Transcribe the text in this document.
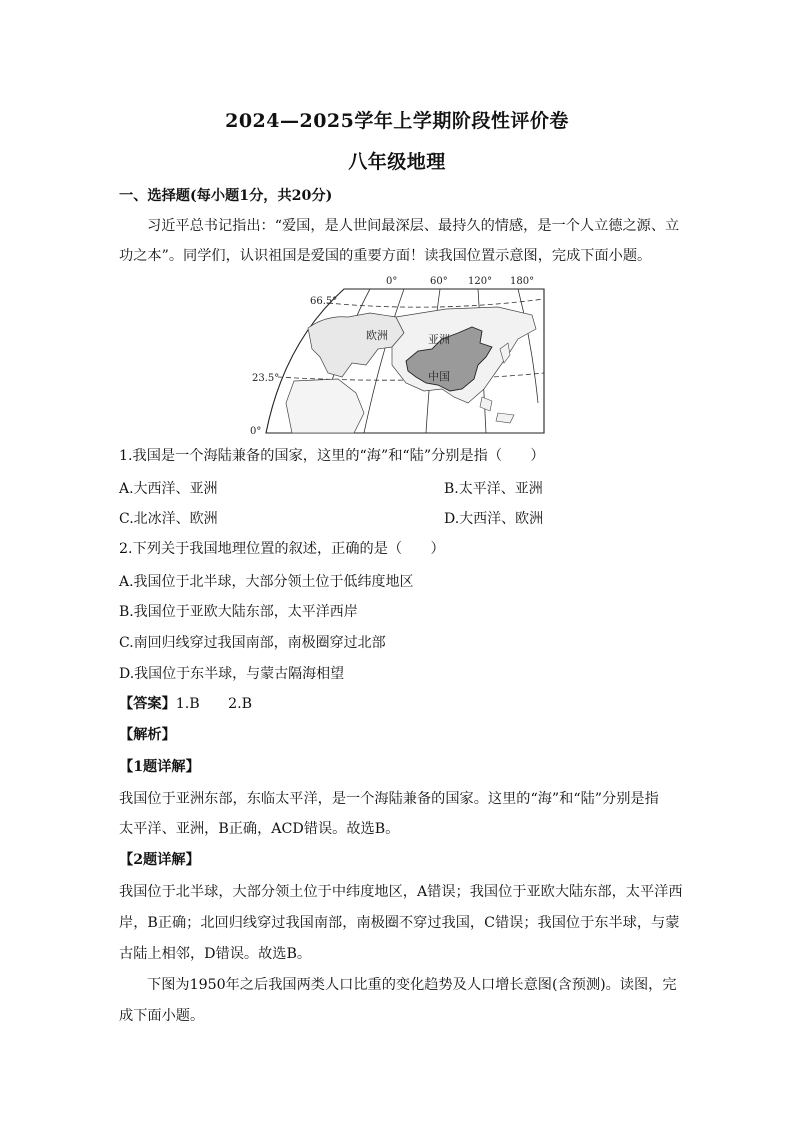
2024—2025学年上学期阶段性评价卷
八年级地理
一、选择题(每小题1分，共20分)
习近平总书记指出：“爱国，是人世间最深层、最持久的情感，是一个人立德之源、立
功之本”。同学们，认识祖国是爱国的重要方面！读我国位置示意图，完成下面小题。
0°	60° 120° 180°
66.5°
23.5°
0°
欧洲	亚洲
中国
1.我国是一个海陆兼备的国家，这里的“海”和“陆”分别是指（　　）
A.大西洋、亚洲	B.太平洋、亚洲
C.北冰洋、欧洲	D.大西洋、欧洲
2.下列关于我国地理位置的叙述，正确的是（　　）
A.我国位于北半球，大部分领土位于低纬度地区
B.我国位于亚欧大陆东部，太平洋西岸
C.南回归线穿过我国南部，南极圈穿过北部
D.我国位于东半球，与蒙古隔海相望
【答案】1.B　　2.B
【解析】
【1题详解】
我国位于亚洲东部，东临太平洋，是一个海陆兼备的国家。这里的“海”和“陆”分别是指
太平洋、亚洲，B正确，ACD错误。故选B。
【2题详解】
我国位于北半球，大部分领土位于中纬度地区，A错误；我国位于亚欧大陆东部，太平洋西
岸，B正确；北回归线穿过我国南部，南极圈不穿过我国，C错误；我国位于东半球，与蒙
古陆上相邻，D错误。故选B。
下图为1950年之后我国两类人口比重的变化趋势及人口增长意图(含预测)。读图，完
成下面小题。
